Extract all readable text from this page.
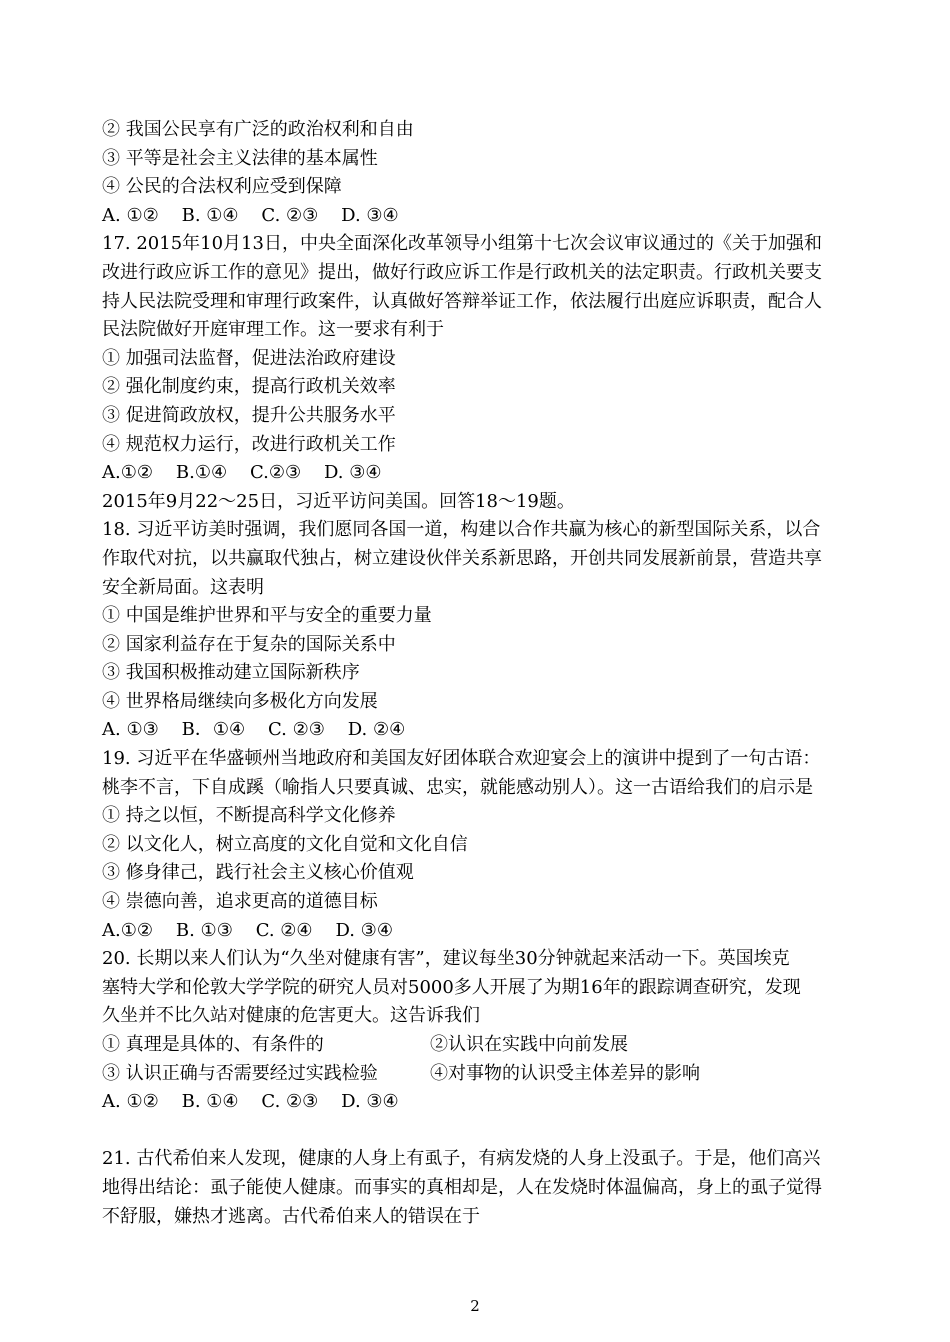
② 我国公民享有广泛的政治权利和自由
③ 平等是社会主义法律的基本属性
④ 公民的合法权利应受到保障
A. ①②    B. ①④    C. ②③    D. ③④
17. 2015年10月13日，中央全面深化改革领导小组第十七次会议审议通过的《关于加强和
改进行政应诉工作的意见》提出，做好行政应诉工作是行政机关的法定职责。行政机关要支
持人民法院受理和审理行政案件，认真做好答辩举证工作，依法履行出庭应诉职责，配合人
民法院做好开庭审理工作。这一要求有利于
① 加强司法监督，促进法治政府建设
② 强化制度约束，提高行政机关效率
③ 促进简政放权，提升公共服务水平
④ 规范权力运行，改进行政机关工作
A.①②    B.①④    C.②③    D. ③④
2015年9月22～25日，习近平访问美国。回答18～19题。
18. 习近平访美时强调，我们愿同各国一道，构建以合作共赢为核心的新型国际关系，以合
作取代对抗，以共赢取代独占，树立建设伙伴关系新思路，开创共同发展新前景，营造共享
安全新局面。这表明
① 中国是维护世界和平与安全的重要力量
② 国家利益存在于复杂的国际关系中
③ 我国积极推动建立国际新秩序
④ 世界格局继续向多极化方向发展
A. ①③    B．①④    C. ②③    D. ②④
19. 习近平在华盛顿州当地政府和美国友好团体联合欢迎宴会上的演讲中提到了一句古语：
桃李不言，下自成蹊（喻指人只要真诚、忠实，就能感动别人）。这一古语给我们的启示是
① 持之以恒，不断提高科学文化修养
② 以文化人，树立高度的文化自觉和文化自信
③ 修身律己，践行社会主义核心价值观
④ 崇德向善，追求更高的道德目标
A.①②    B. ①③    C. ②④    D. ③④
20. 长期以来人们认为“久坐对健康有害”，建议每坐30分钟就起来活动一下。英国埃克
塞特大学和伦敦大学学院的研究人员对5000多人开展了为期16年的跟踪调查研究，发现
久坐并不比久站对健康的危害更大。这告诉我们
① 真理是具体的、有条件的	②认识在实践中向前发展
③ 认识正确与否需要经过实践检验	④对事物的认识受主体差异的影响
A. ①②    B. ①④    C. ②③    D. ③④
21. 古代希伯来人发现，健康的人身上有虱子，有病发烧的人身上没虱子。于是，他们高兴
地得出结论：虱子能使人健康。而事实的真相却是，人在发烧时体温偏高，身上的虱子觉得
不舒服，嫌热才逃离。古代希伯来人的错误在于
2
